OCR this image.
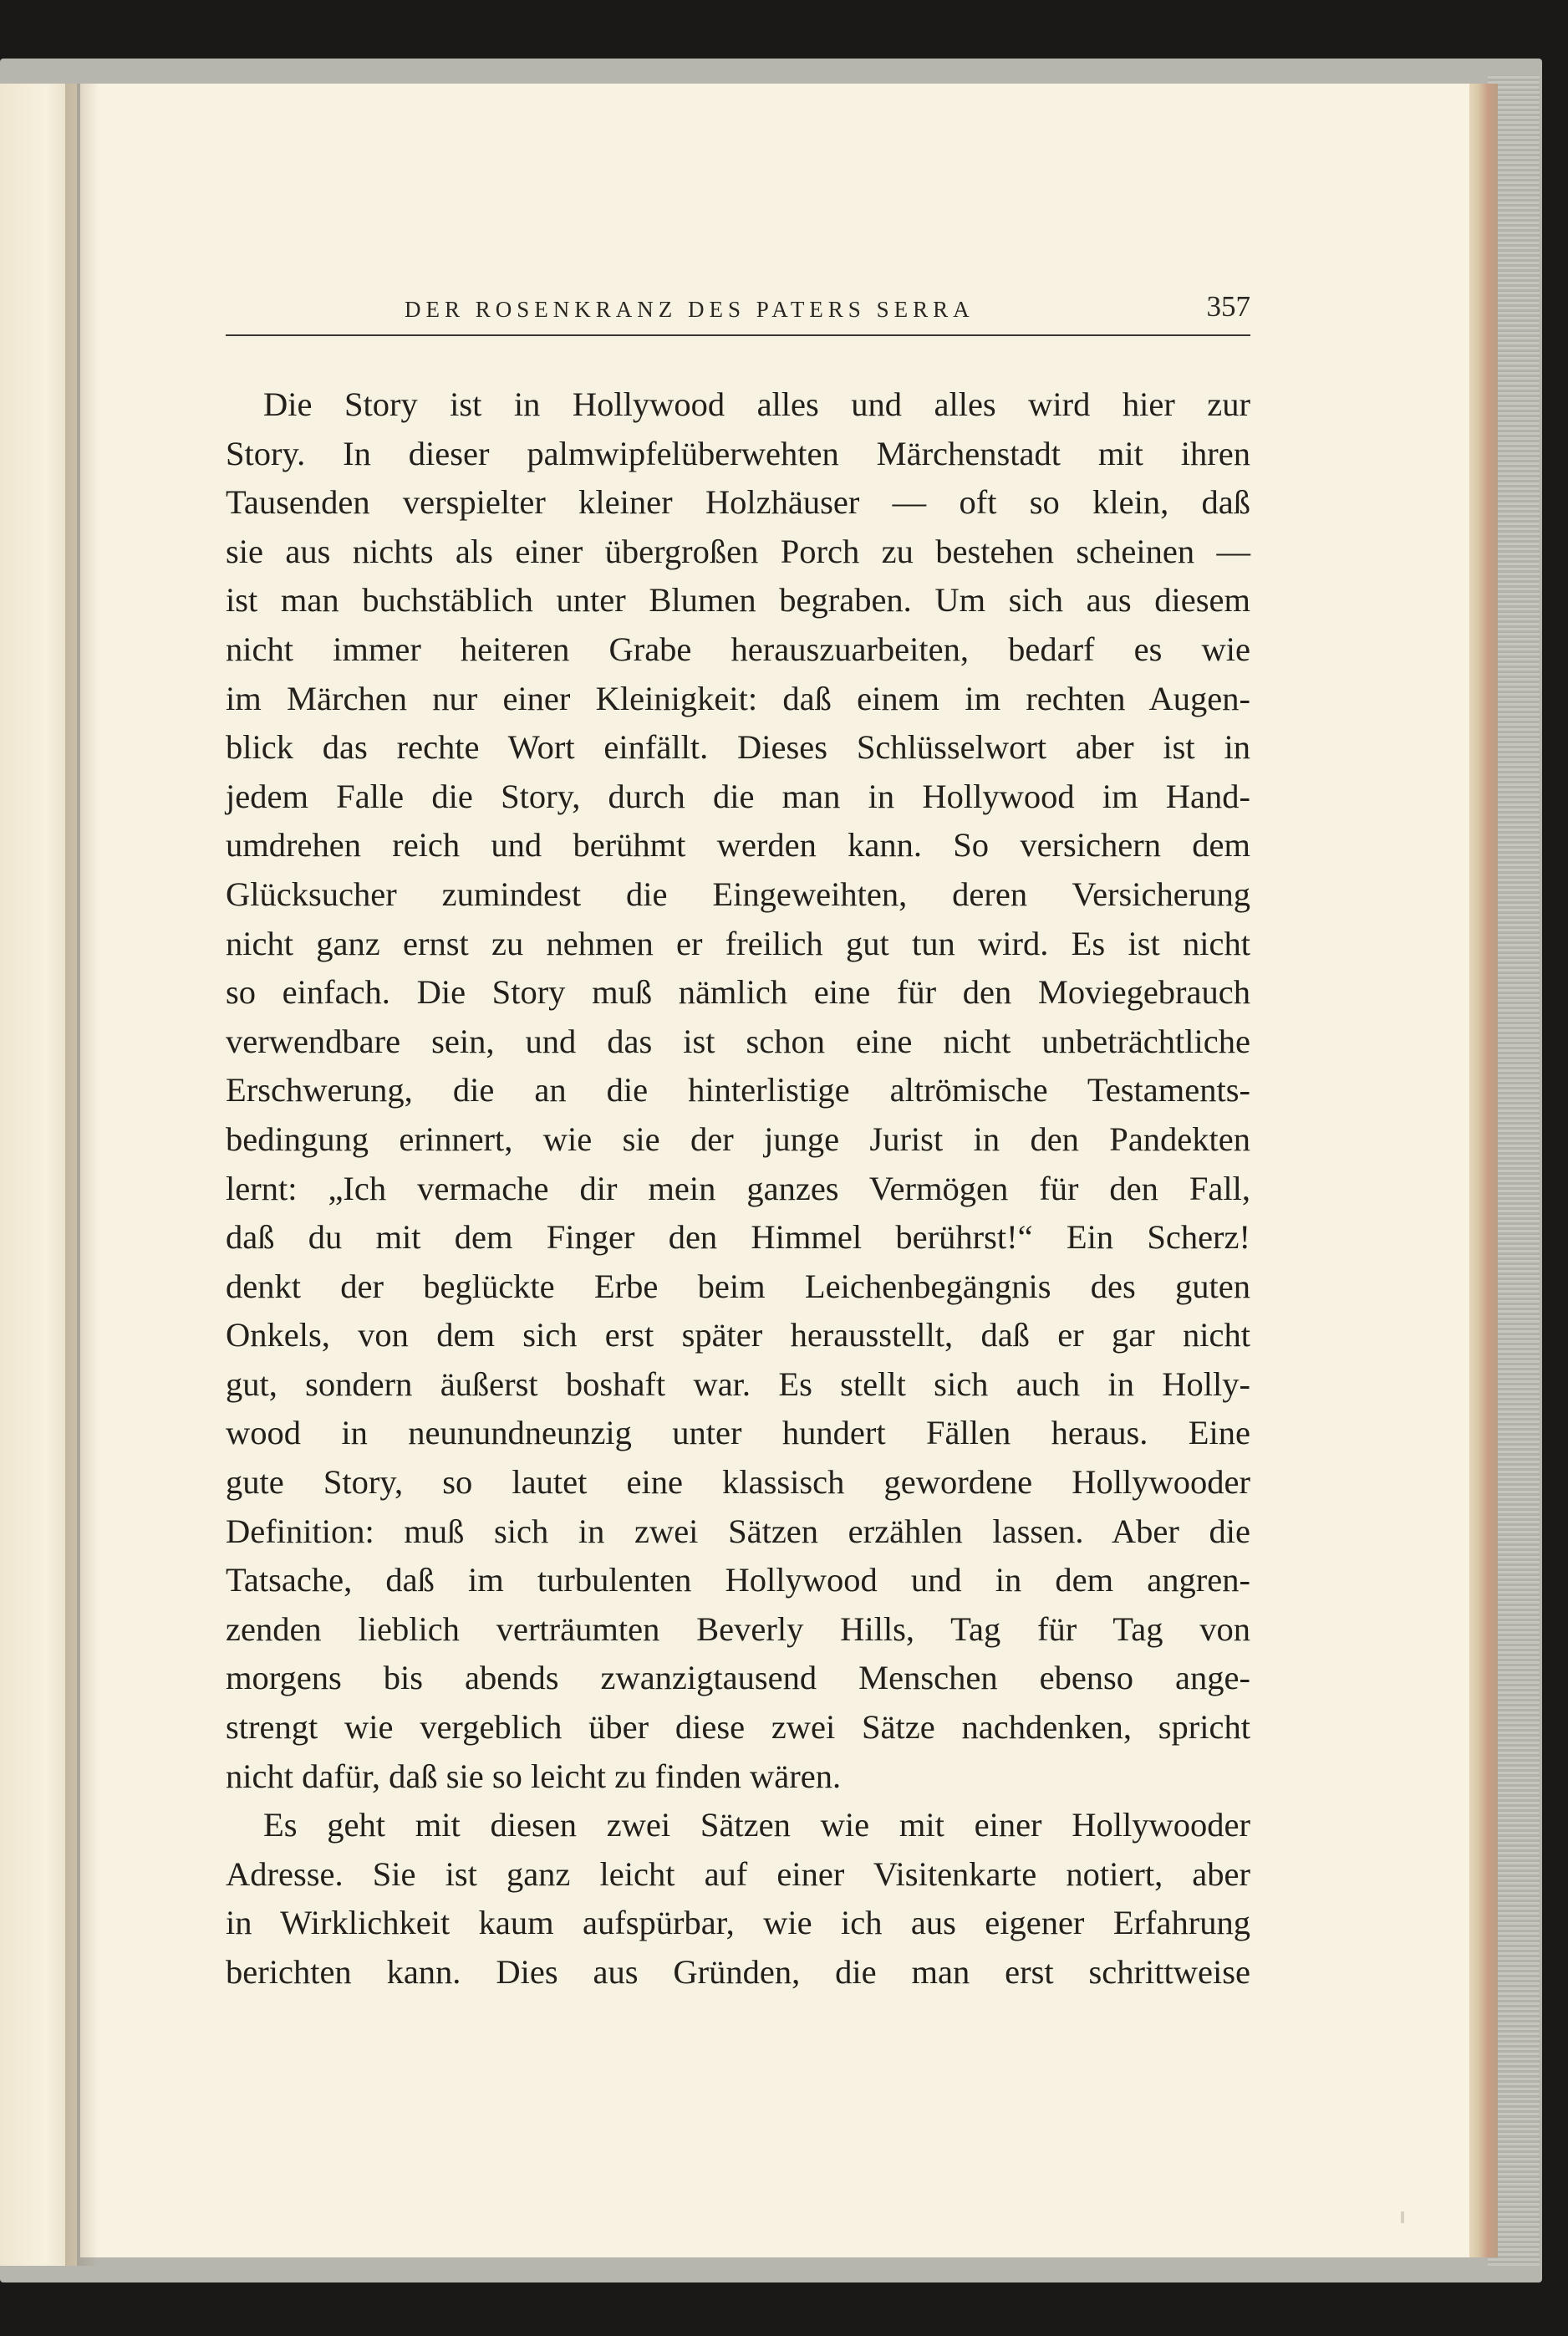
DER ROSENKRANZ DES PATERS SERRA	357
Die Story ist in Hollywood alles und alles wird hier zur
Story. In dieser palmwipfelüberwehten Märchenstadt mit ihren
Tausenden verspielter kleiner Holzhäuser — oft so klein, daß
sie aus nichts als einer übergroßen Porch zu bestehen scheinen —
ist man buchstäblich unter Blumen begraben. Um sich aus diesem
nicht immer heiteren Grabe herauszuarbeiten, bedarf es wie
im Märchen nur einer Kleinigkeit: daß einem im rechten Augen-
blick das rechte Wort einfällt. Dieses Schlüsselwort aber ist in
jedem Falle die Story, durch die man in Hollywood im Hand-
umdrehen reich und berühmt werden kann. So versichern dem
Glücksucher zumindest die Eingeweihten, deren Versicherung
nicht ganz ernst zu nehmen er freilich gut tun wird. Es ist nicht
so einfach. Die Story muß nämlich eine für den Moviegebrauch
verwendbare sein, und das ist schon eine nicht unbeträchtliche
Erschwerung, die an die hinterlistige altrömische Testaments-
bedingung erinnert, wie sie der junge Jurist in den Pandekten
lernt: „Ich vermache dir mein ganzes Vermögen für den Fall,
daß du mit dem Finger den Himmel berührst!“ Ein Scherz!
denkt der beglückte Erbe beim Leichenbegängnis des guten
Onkels, von dem sich erst später herausstellt, daß er gar nicht
gut, sondern äußerst boshaft war. Es stellt sich auch in Holly-
wood in neunundneunzig unter hundert Fällen heraus. Eine
gute Story, so lautet eine klassisch gewordene Hollywooder
Definition: muß sich in zwei Sätzen erzählen lassen. Aber die
Tatsache, daß im turbulenten Hollywood und in dem angren-
zenden lieblich verträumten Beverly Hills, Tag für Tag von
morgens bis abends zwanzigtausend Menschen ebenso ange-
strengt wie vergeblich über diese zwei Sätze nachdenken, spricht
nicht dafür, daß sie so leicht zu finden wären.
Es geht mit diesen zwei Sätzen wie mit einer Hollywooder
Adresse. Sie ist ganz leicht auf einer Visitenkarte notiert, aber
in Wirklichkeit kaum aufspürbar, wie ich aus eigener Erfahrung
berichten kann. Dies aus Gründen, die man erst schrittweise
